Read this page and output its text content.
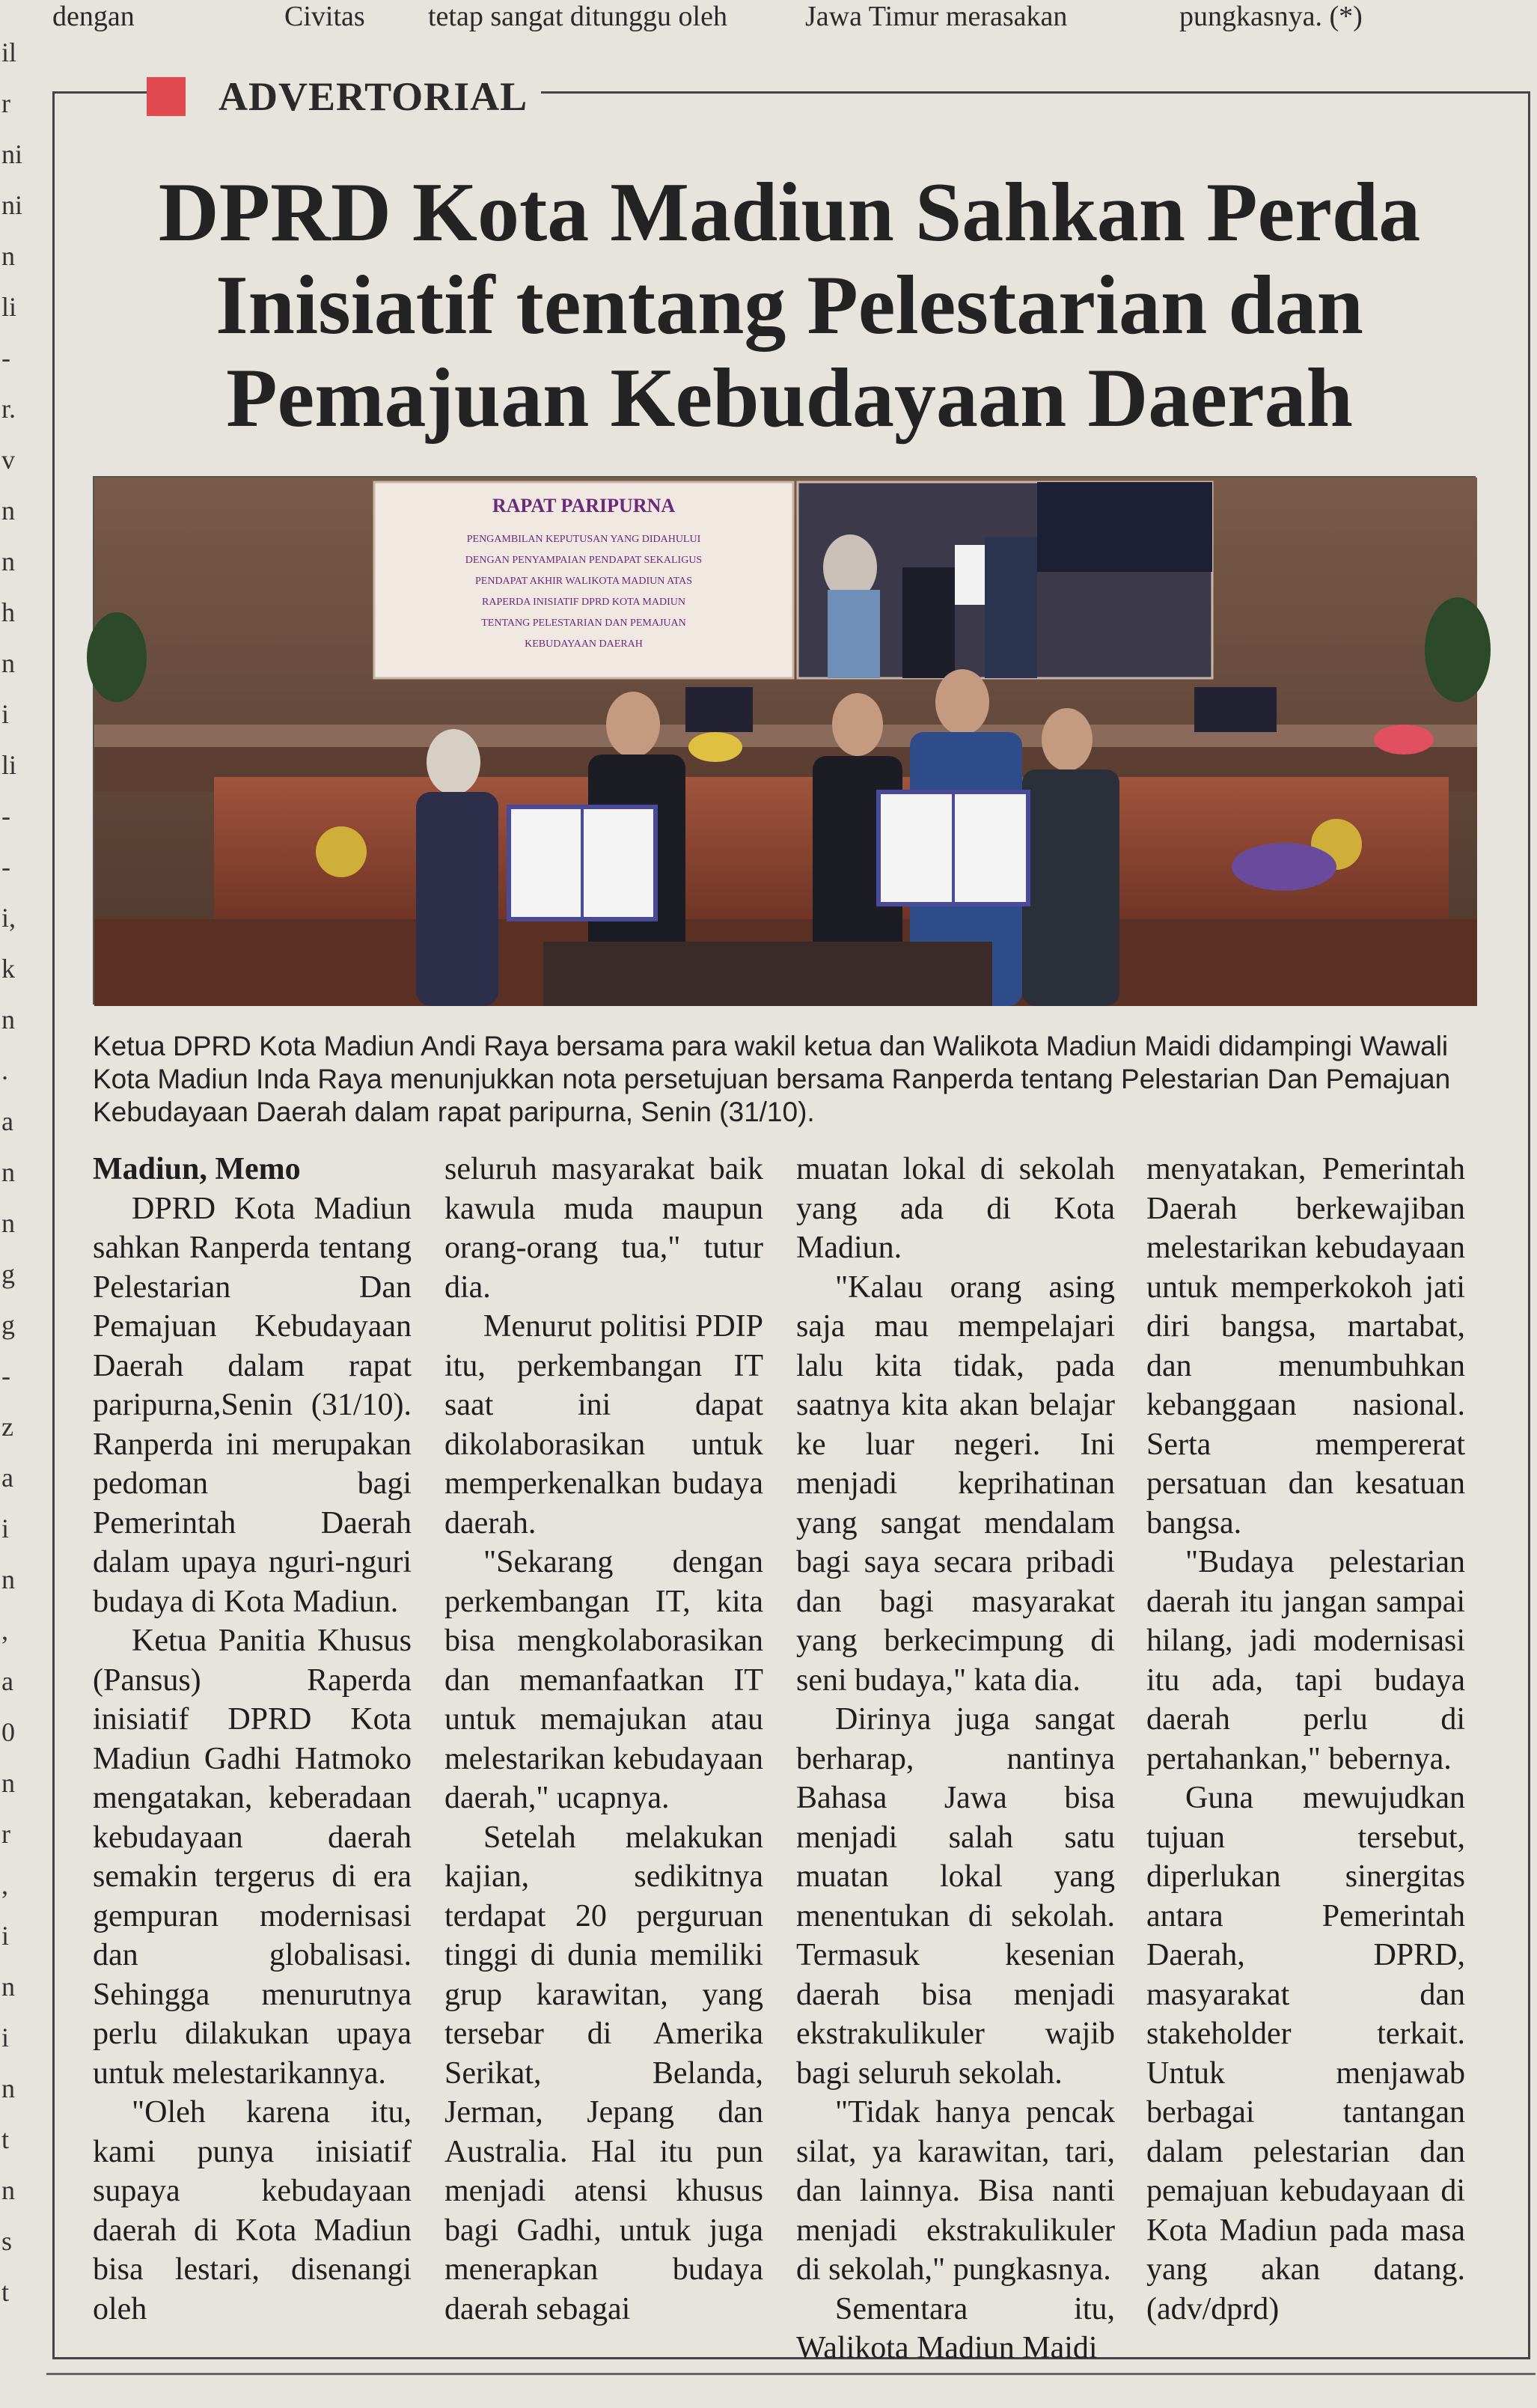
dengan	Civitas tetap sangat ditunggu oleh	Jawa Timur merasakan	pungkasnya. (*)
il
r
ni
ni
n
li
-
r.
v
n
n
h
n
i
li
-
-
i,
k
n
.
a
n
n
g
g
-
z
a
i
n
,
a
0
n
r
,
i
n
i
n
t
n
s
t
ADVERTORIAL
DPRD Kota Madiun Sahkan Perda Inisiatif tentang Pelestarian dan Pemajuan Kebudayaan Daerah
RAPAT PARIPURNA
PENGAMBILAN KEPUTUSAN YANG DIDAHULUI
DENGAN PENYAMPAIAN PENDAPAT SEKALIGUS
PENDAPAT AKHIR WALIKOTA MADIUN ATAS
RAPERDA INISIATIF DPRD KOTA MADIUN
TENTANG PELESTARIAN DAN PEMAJUAN
KEBUDAYAAN DAERAH

Ketua DPRD Kota Madiun Andi Raya bersama para wakil ketua dan Walikota Madiun Maidi didampingi Wawali Kota Madiun Inda Raya menunjukkan nota persetujuan bersama Ranperda tentang Pelestarian Dan Pemajuan Kebudayaan Daerah dalam rapat paripurna, Senin (31/10).

Madiun, Memo

DPRD Kota Madiun sahkan Ranperda tentang Pelestarian Dan Pemajuan Kebudayaan Daerah dalam rapat paripurna,Senin (31/10). Ranperda ini merupakan pedoman bagi Pemerintah Daerah dalam upaya nguri-nguri budaya di Kota Madiun.

Ketua Panitia Khusus (Pansus) Raperda inisiatif DPRD Kota Madiun Gadhi Hatmoko mengatakan, keberadaan kebudayaan daerah semakin tergerus di era gempuran modernisasi dan globalisasi. Sehingga menurutnya perlu dilakukan upaya untuk melestarikannya.

"Oleh karena itu, kami punya inisiatif supaya kebudayaan daerah di Kota Madiun bisa lestari, disenangi oleh

seluruh masyarakat baik kawula muda maupun orang-orang tua," tutur dia.

Menurut politisi PDIP itu, perkembangan IT saat ini dapat dikolaborasikan untuk memperkenalkan budaya daerah.

"Sekarang dengan perkembangan IT, kita bisa mengkolaborasikan dan memanfaatkan IT untuk memajukan atau melestarikan kebudayaan daerah," ucapnya.

Setelah melakukan kajian, sedikitnya terdapat 20 perguruan tinggi di dunia memiliki grup karawitan, yang tersebar di Amerika Serikat, Belanda, Jerman, Jepang dan Australia. Hal itu pun menjadi atensi khusus bagi Gadhi, untuk juga menerapkan budaya daerah sebagai

muatan lokal di sekolah yang ada di Kota Madiun.

"Kalau orang asing saja mau mempelajari lalu kita tidak, pada saatnya kita akan belajar ke luar negeri. Ini menjadi keprihatinan yang sangat mendalam bagi saya secara pribadi dan bagi masyarakat yang berkecimpung di seni budaya," kata dia.

Dirinya juga sangat berharap, nantinya Bahasa Jawa bisa menjadi salah satu muatan lokal yang menentukan di sekolah. Termasuk kesenian daerah bisa menjadi ekstrakulikuler wajib bagi seluruh sekolah.

"Tidak hanya pencak silat, ya karawitan, tari, dan lainnya. Bisa nanti menjadi ekstrakulikuler di sekolah," pungkasnya.

Sementara itu, Walikota Madiun Maidi

menyatakan, Pemerintah Daerah berkewajiban melestarikan kebudayaan untuk memperkokoh jati diri bangsa, martabat, dan menumbuhkan kebanggaan nasional. Serta mempererat persatuan dan kesatuan bangsa.

"Budaya pelestarian daerah itu jangan sampai hilang, jadi modernisasi itu ada, tapi budaya daerah perlu di pertahankan," bebernya.

Guna mewujudkan tujuan tersebut, diperlukan sinergitas antara Pemerintah Daerah, DPRD, masyarakat dan stakeholder terkait. Untuk menjawab berbagai tantangan dalam pelestarian dan pemajuan kebudayaan di Kota Madiun pada masa yang akan datang. (adv/dprd)
